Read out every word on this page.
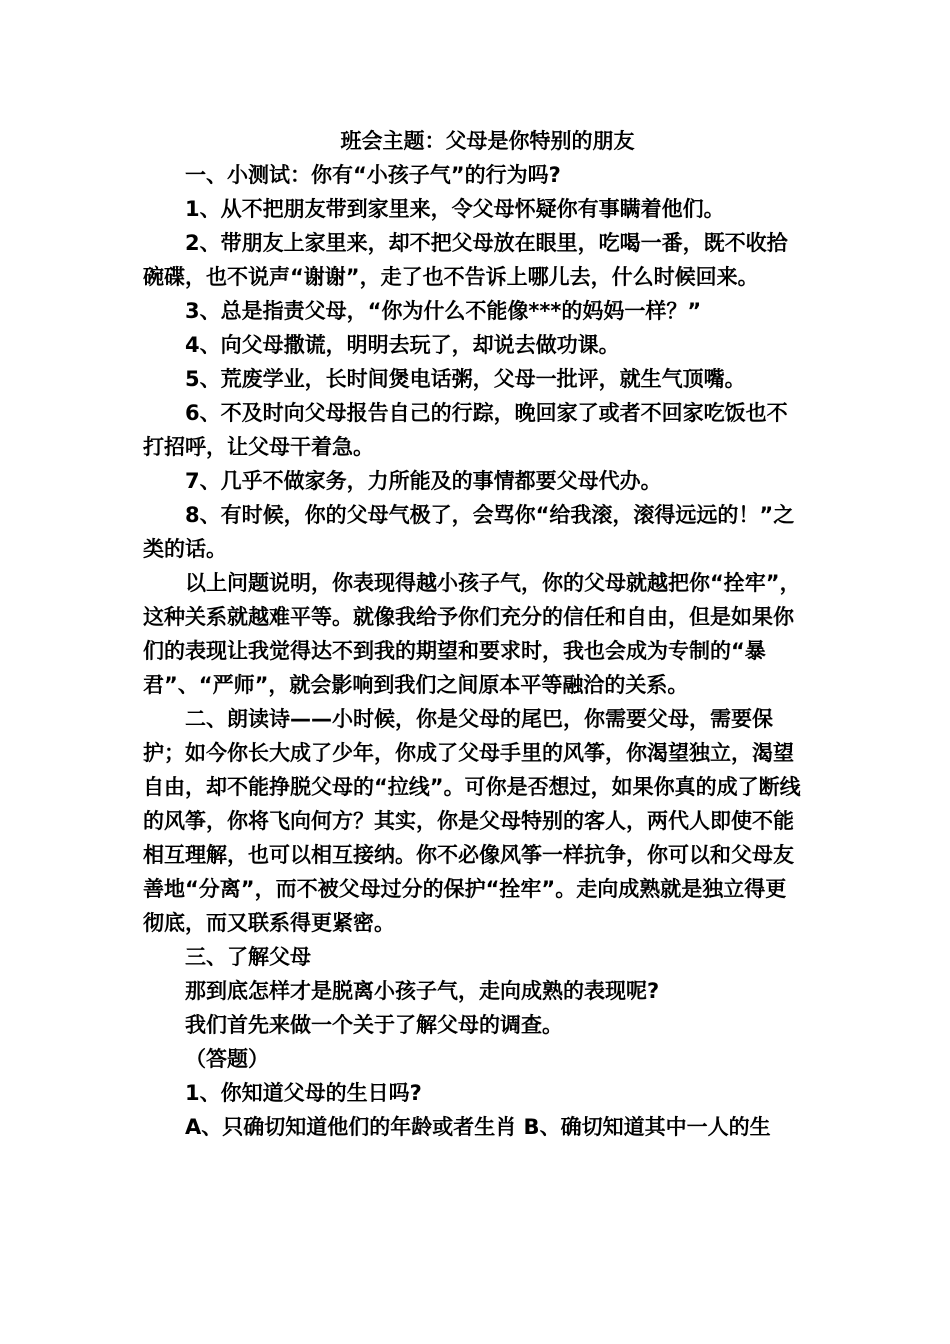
班会主题：父母是你特别的朋友

一、小测试：你有“小孩子气”的行为吗?

1、从不把朋友带到家里来，令父母怀疑你有事瞒着他们。

2、带朋友上家里来，却不把父母放在眼里，吃喝一番，既不收拾碗碟，也不说声“谢谢”，走了也不告诉上哪儿去，什么时候回来。

3、总是指责父母，“你为什么不能像***的妈妈一样？”

4、向父母撒谎，明明去玩了，却说去做功课。

5、荒废学业，长时间煲电话粥，父母一批评，就生气顶嘴。

6、不及时向父母报告自己的行踪，晚回家了或者不回家吃饭也不打招呼，让父母干着急。

7、几乎不做家务，力所能及的事情都要父母代办。

8、有时候，你的父母气极了，会骂你“给我滚，滚得远远的！”之类的话。

以上问题说明，你表现得越小孩子气，你的父母就越把你“拴牢”，这种关系就越难平等。就像我给予你们充分的信任和自由，但是如果你们的表现让我觉得达不到我的期望和要求时，我也会成为专制的“暴君”、“严师”，就会影响到我们之间原本平等融洽的关系。

二、朗读诗——小时候，你是父母的尾巴，你需要父母，需要保护；如今你长大成了少年，你成了父母手里的风筝，你渴望独立，渴望自由，却不能挣脱父母的“拉线”。可你是否想过，如果你真的成了断线的风筝，你将飞向何方？其实，你是父母特别的客人，两代人即使不能相互理解，也可以相互接纳。你不必像风筝一样抗争，你可以和父母友善地“分离”，而不被父母过分的保护“拴牢”。走向成熟就是独立得更彻底，而又联系得更紧密。

三、了解父母

那到底怎样才是脱离小孩子气，走向成熟的表现呢?

我们首先来做一个关于了解父母的调查。

（答题）

1、你知道父母的生日吗?

A、只确切知道他们的年龄或者生肖 B、确切知道其中一人的生
